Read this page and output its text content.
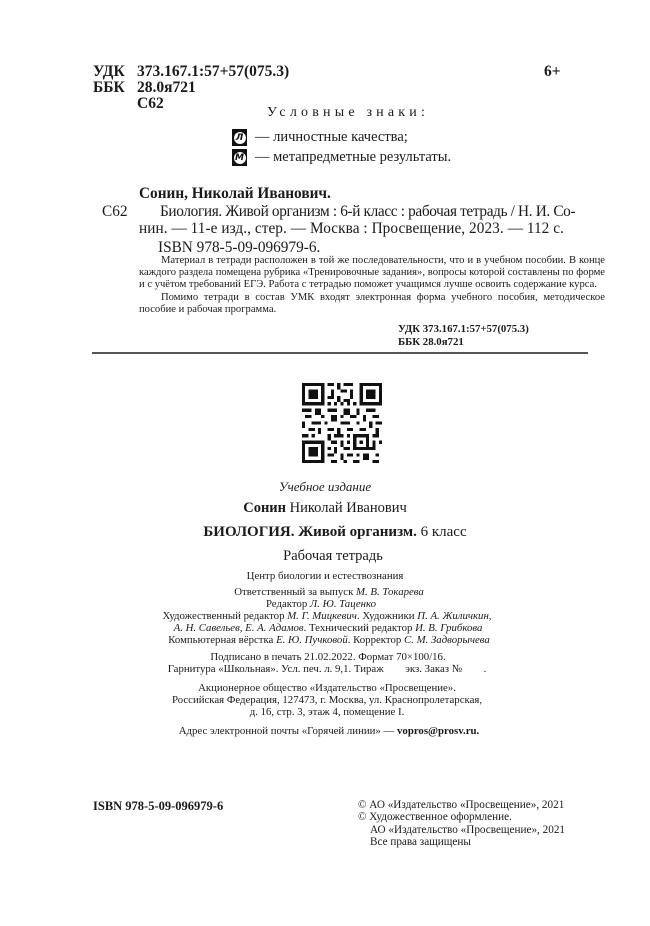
УДК 373.167.1:57+57(075.3)
ББК 28.0я721
С62
6+
Условные знаки:
Л — личностные качества;
М — метапредметные результаты.
Сонин, Николай Иванович.
С62 Биология. Живой организм : 6-й класс : рабочая тетрадь / Н. И. Со-
нин. — 11-е изд., стер. — Москва : Просвещение, 2023. — 112 с.
ISBN 978-5-09-096979-6.

Материал в тетради расположен в той же последовательности, что и в учебном пособии. В конце каждого раздела помещена рубрика «Тренировочные задания», вопросы которой составлены по форме и с учётом требований ЕГЭ. Работа с тетрадью поможет учащимся лучше освоить содержание курса.

Помимо тетради в состав УМК входят электронная форма учебного пособия, методическое пособие и рабочая программа.

УДК 373.167.1:57+57(075.3)
ББК 28.0я721
Учебное издание
Сонин Николай Иванович
БИОЛОГИЯ. Живой организм. 6 класс
Рабочая тетрадь
Центр биологии и естествознания
Ответственный за выпуск М. В. Токарева
Редактор Л. Ю. Таценко
Художественный редактор М. Г. Мицкевич. Художники П. А. Жиличкин,
А. Н. Савельев, Е. А. Адамов. Технический редактор И. В. Грибкова
Компьютерная вёрстка Е. Ю. Пучковой. Корректор С. М. Задворычева
Подписано в печать 21.02.2022. Формат 70×100/16.
Гарнитура «Школьная». Усл. печ. л. 9,1. Тираж        экз. Заказ №        .
Акционерное общество «Издательство «Просвещение».
Российская Федерация, 127473, г. Москва, ул. Краснопролетарская,
д. 16, стр. 3, этаж 4, помещение I.
Адрес электронной почты «Горячей линии» — vopros@prosv.ru.
ISBN 978-5-09-096979-6	© АО «Издательство «Просвещение», 2021
© Художественное оформление.
АО «Издательство «Просвещение», 2021
Все права защищены
